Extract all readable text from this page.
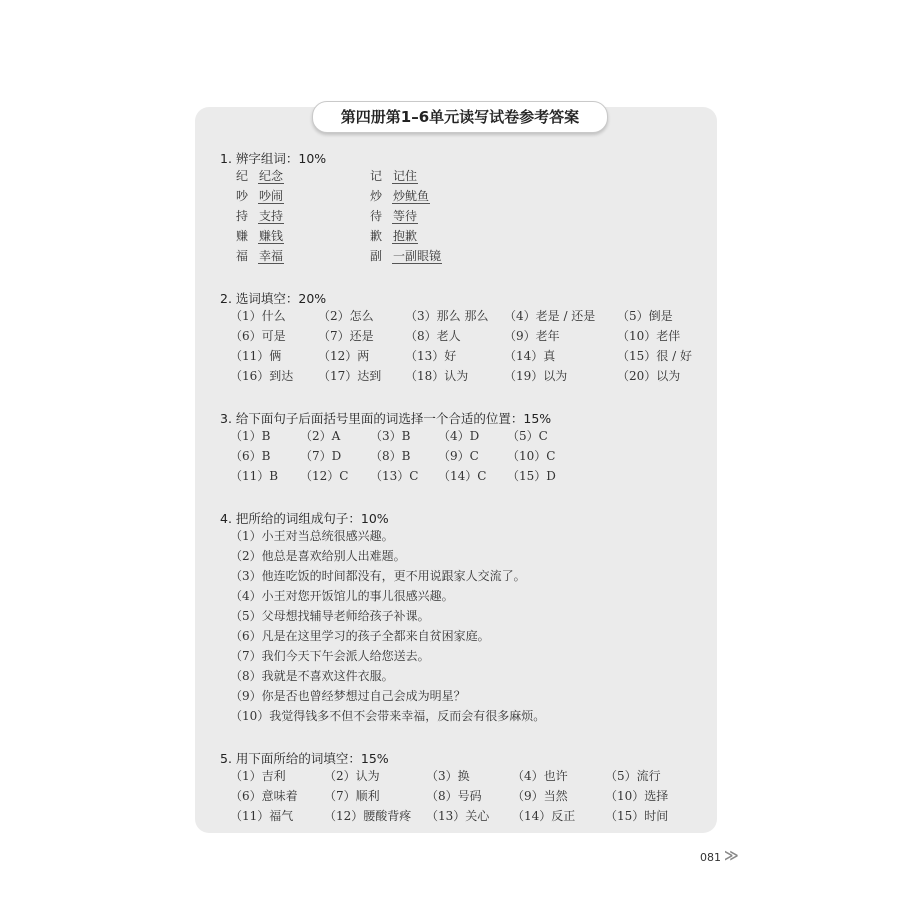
第四册第1–6单元读写试卷参考答案
1. 辨字组词：10%
纪 纪念	记 记住
吵 吵闹	炒 炒鱿鱼
持 支持	待 等待
赚 赚钱	歉 抱歉
福 幸福	副 一副眼镜
2. 选词填空：20%
（1）什么	（2）怎么	（3）那么 那么 （4）老是 / 还是 （5）倒是
（6）可是	（7）还是	（8）老人	（9）老年	（10）老伴
（11）俩	（12）两	（13）好	（14）真	（15）很 / 好
（16）到达 （17）达到 （18）认为	（19）以为	（20）以为
3. 给下面句子后面括号里面的词选择一个合适的位置：15%
（1）B （2）A （3）B （4）D （5）C
（6）B （7）D （8）B （9）C （10）C
（11）B （12）C （13）C （14）C （15）D
4. 把所给的词组成句子：10%
（1）小王对当总统很感兴趣。
（2）他总是喜欢给别人出难题。
（3）他连吃饭的时间都没有，更不用说跟家人交流了。
（4）小王对您开饭馆儿的事儿很感兴趣。
（5）父母想找辅导老师给孩子补课。
（6）凡是在这里学习的孩子全都来自贫困家庭。
（7）我们今天下午会派人给您送去。
（8）我就是不喜欢这件衣服。
（9）你是否也曾经梦想过自己会成为明星？
（10）我觉得钱多不但不会带来幸福，反而会有很多麻烦。
5. 用下面所给的词填空：15%
（1）吉利	（2）认为	（3）换	（4）也许	（5）流行
（6）意味着 （7）顺利	（8）号码	（9）当然	（10）选择
（11）福气	（12）腰酸背疼 （13）关心 （14）反正 （15）时间
081 ≫
